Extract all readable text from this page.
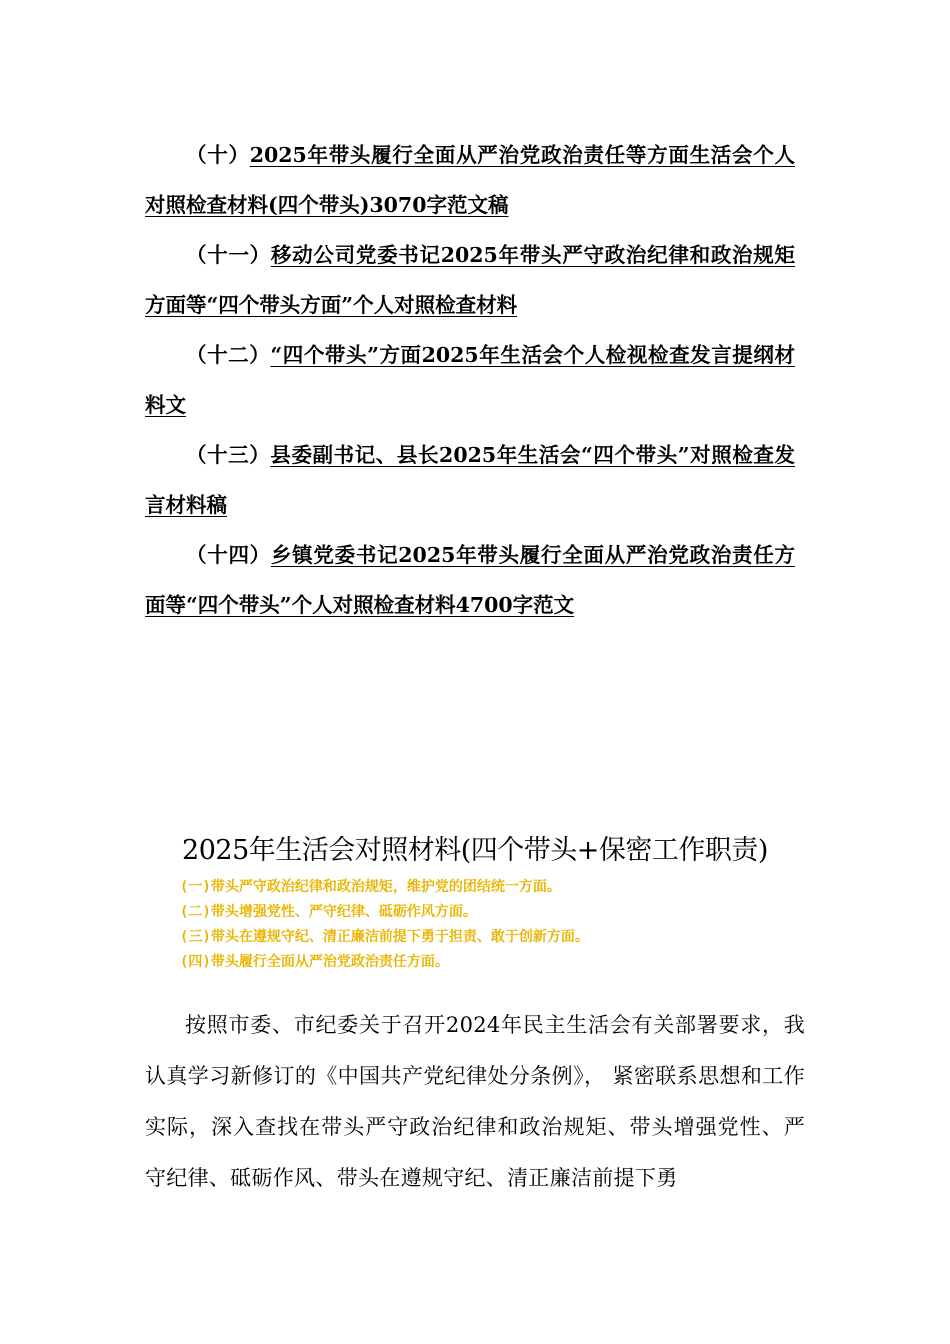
（十）2025年带头履行全面从严治党政治责任等方面生活会个人对照检查材料(四个带头)3070字范文稿

（十一）移动公司党委书记2025年带头严守政治纪律和政治规矩方面等“四个带头方面”个人对照检查材料

（十二）“四个带头”方面2025年生活会个人检视检查发言提纲材料文

（十三）县委副书记、县长2025年生活会“四个带头”对照检查发言材料稿

（十四）乡镇党委书记2025年带头履行全面从严治党政治责任方面等“四个带头”个人对照检查材料4700字范文

2025年生活会对照材料(四个带头+保密工作职责)

(一)带头严守政治纪律和政治规矩，维护党的团结统一方面。

(二)带头增强党性、严守纪律、砥砺作风方面。

(三)带头在遵规守纪、清正廉洁前提下勇于担责、敢于创新方面。

(四)带头履行全面从严治党政治责任方面。

按照市委、市纪委关于召开2024年民主生活会有关部署要求，我认真学习新修订的《中国共产党纪律处分条例》， 紧密联系思想和工作实际，深入查找在带头严守政治纪律和政治规矩、带头增强党性、严守纪律、砥砺作风、带头在遵规守纪、清正廉洁前提下勇
